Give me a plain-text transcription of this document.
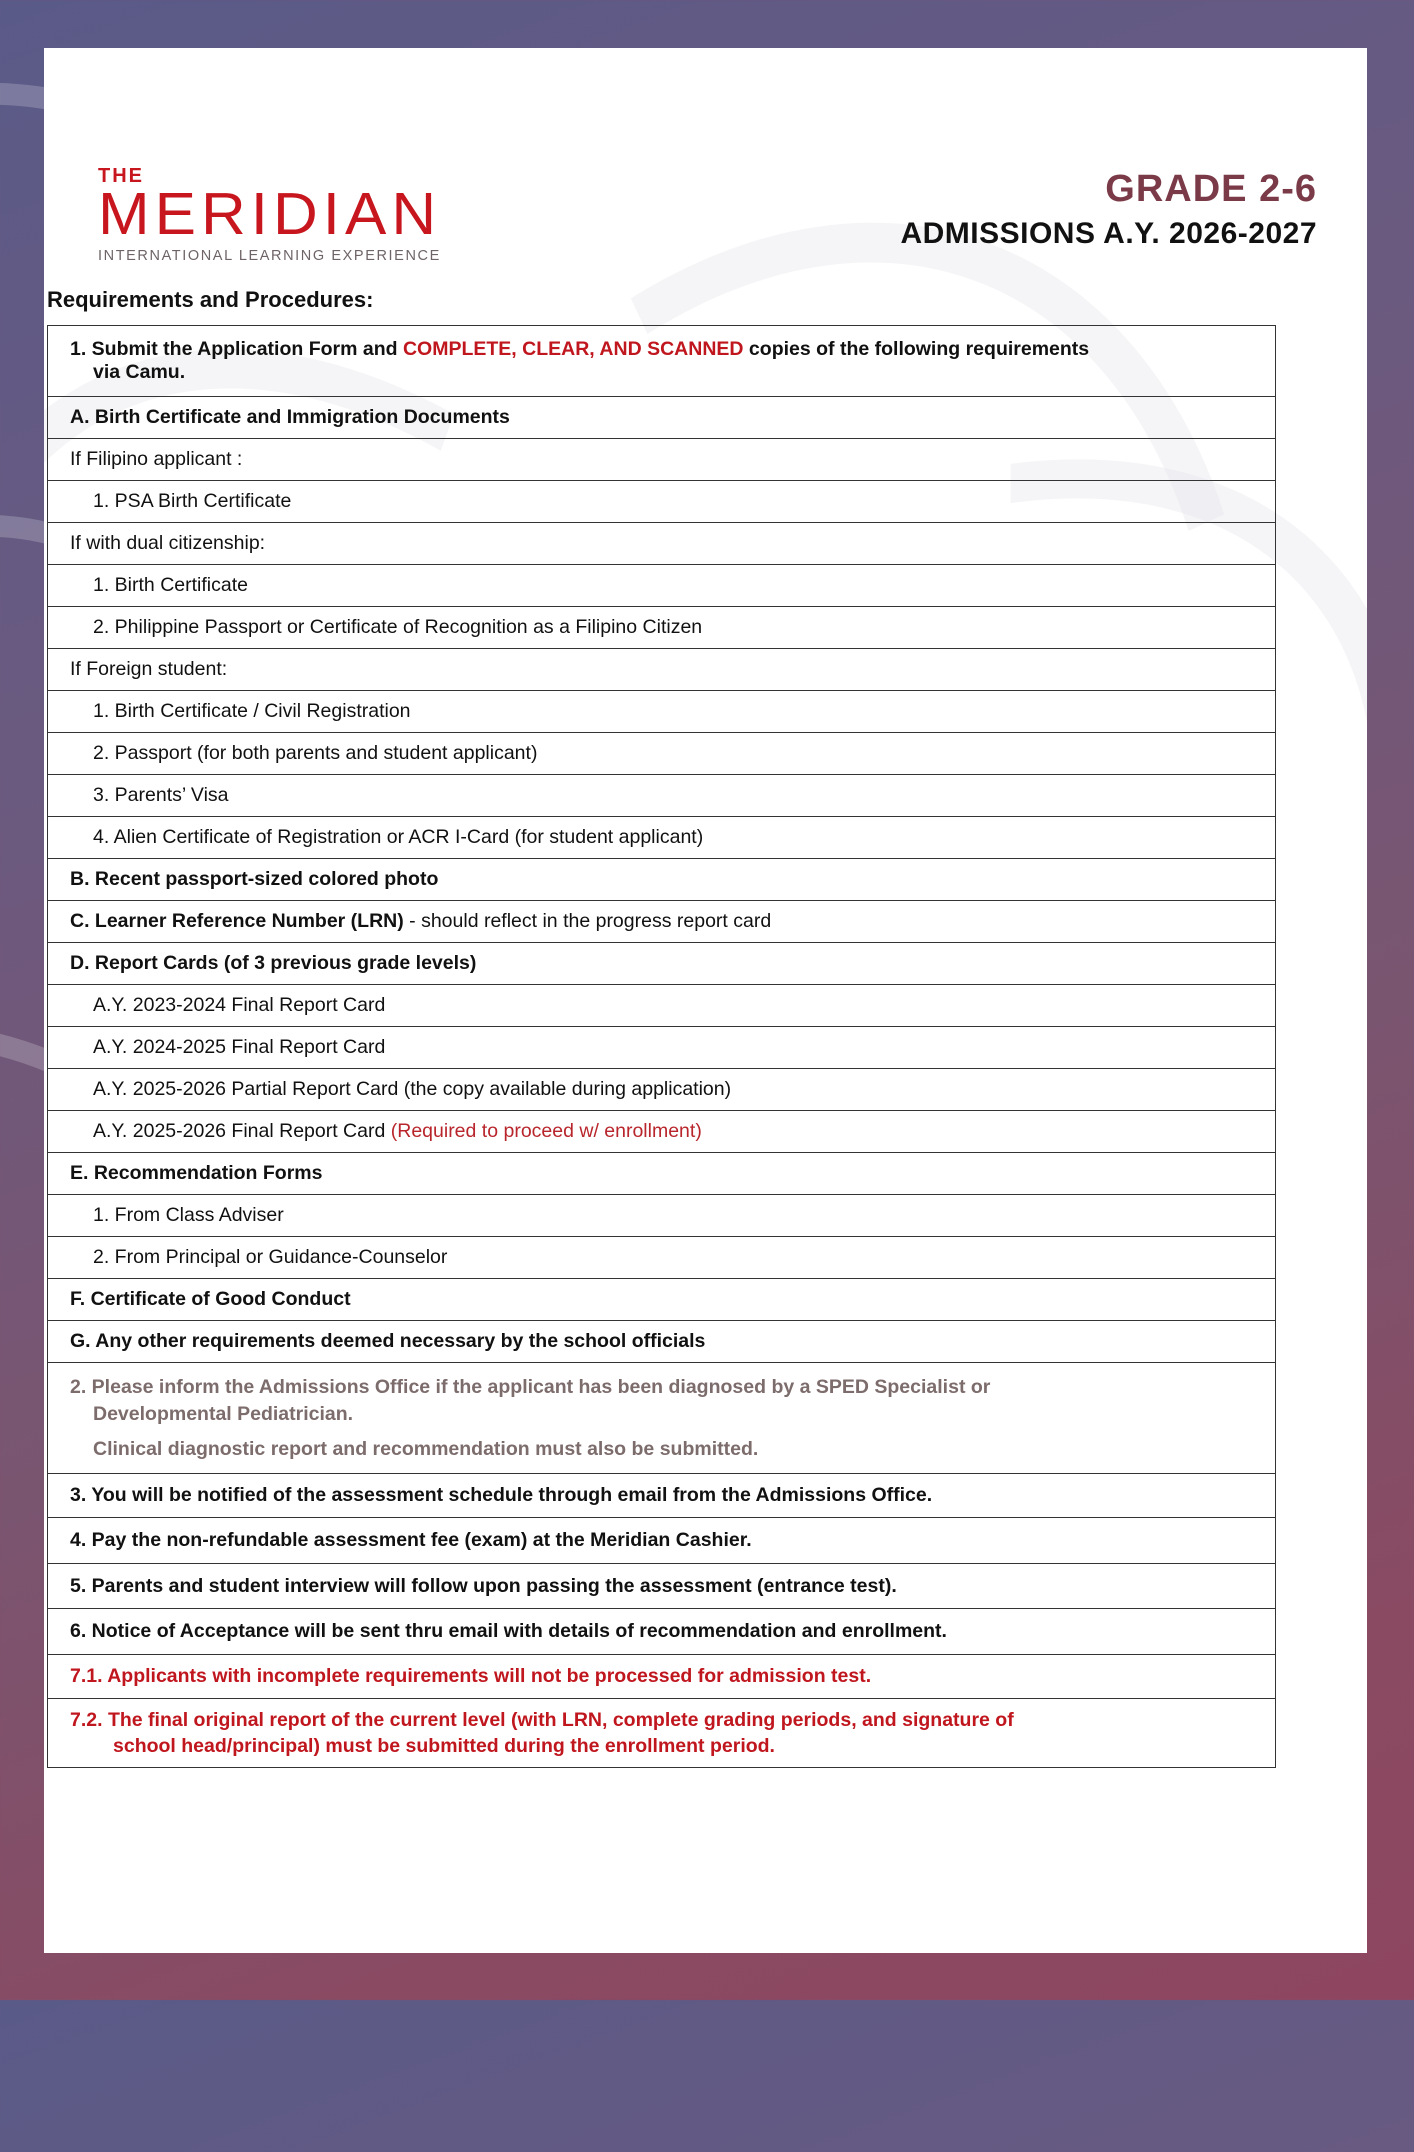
THE
MERIDIAN
INTERNATIONAL LEARNING EXPERIENCE
GRADE 2-6
ADMISSIONS A.Y. 2026-2027
Requirements and Procedures:
1. Submit the Application Form and COMPLETE, CLEAR, AND SCANNED copies of the following requirements
via Camu.

A. Birth Certificate and Immigration Documents
If Filipino applicant :
1. PSA Birth Certificate
If with dual citizenship:
1. Birth Certificate
2. Philippine Passport or Certificate of Recognition as a Filipino Citizen
If Foreign student:
1. Birth Certificate / Civil Registration
2. Passport (for both parents and student applicant)
3. Parents’ Visa
4. Alien Certificate of Registration or ACR I-Card (for student applicant)
B. Recent passport-sized colored photo
C. Learner Reference Number (LRN) - should reflect in the progress report card
D. Report Cards (of 3 previous grade levels)
A.Y. 2023-2024 Final Report Card
A.Y. 2024-2025 Final Report Card
A.Y. 2025-2026 Partial Report Card (the copy available during application)
A.Y. 2025-2026 Final Report Card (Required to proceed w/ enrollment)
E. Recommendation Forms
1. From Class Adviser
2. From Principal or Guidance-Counselor
F. Certificate of Good Conduct
G. Any other requirements deemed necessary by the school officials
2. Please inform the Admissions Office if the applicant has been diagnosed by a SPED Specialist or
Developmental Pediatrician.
Clinical diagnostic report and recommendation must also be submitted.

3. You will be notified of the assessment schedule through email from the Admissions Office.
4. Pay the non-refundable assessment fee (exam) at the Meridian Cashier.
5. Parents and student interview will follow upon passing the assessment (entrance test).
6. Notice of Acceptance will be sent thru email with details of recommendation and enrollment.
7.1. Applicants with incomplete requirements will not be processed for admission test.
7.2. The final original report of the current level (with LRN, complete grading periods, and signature of
school head/principal) must be submitted during the enrollment period.
